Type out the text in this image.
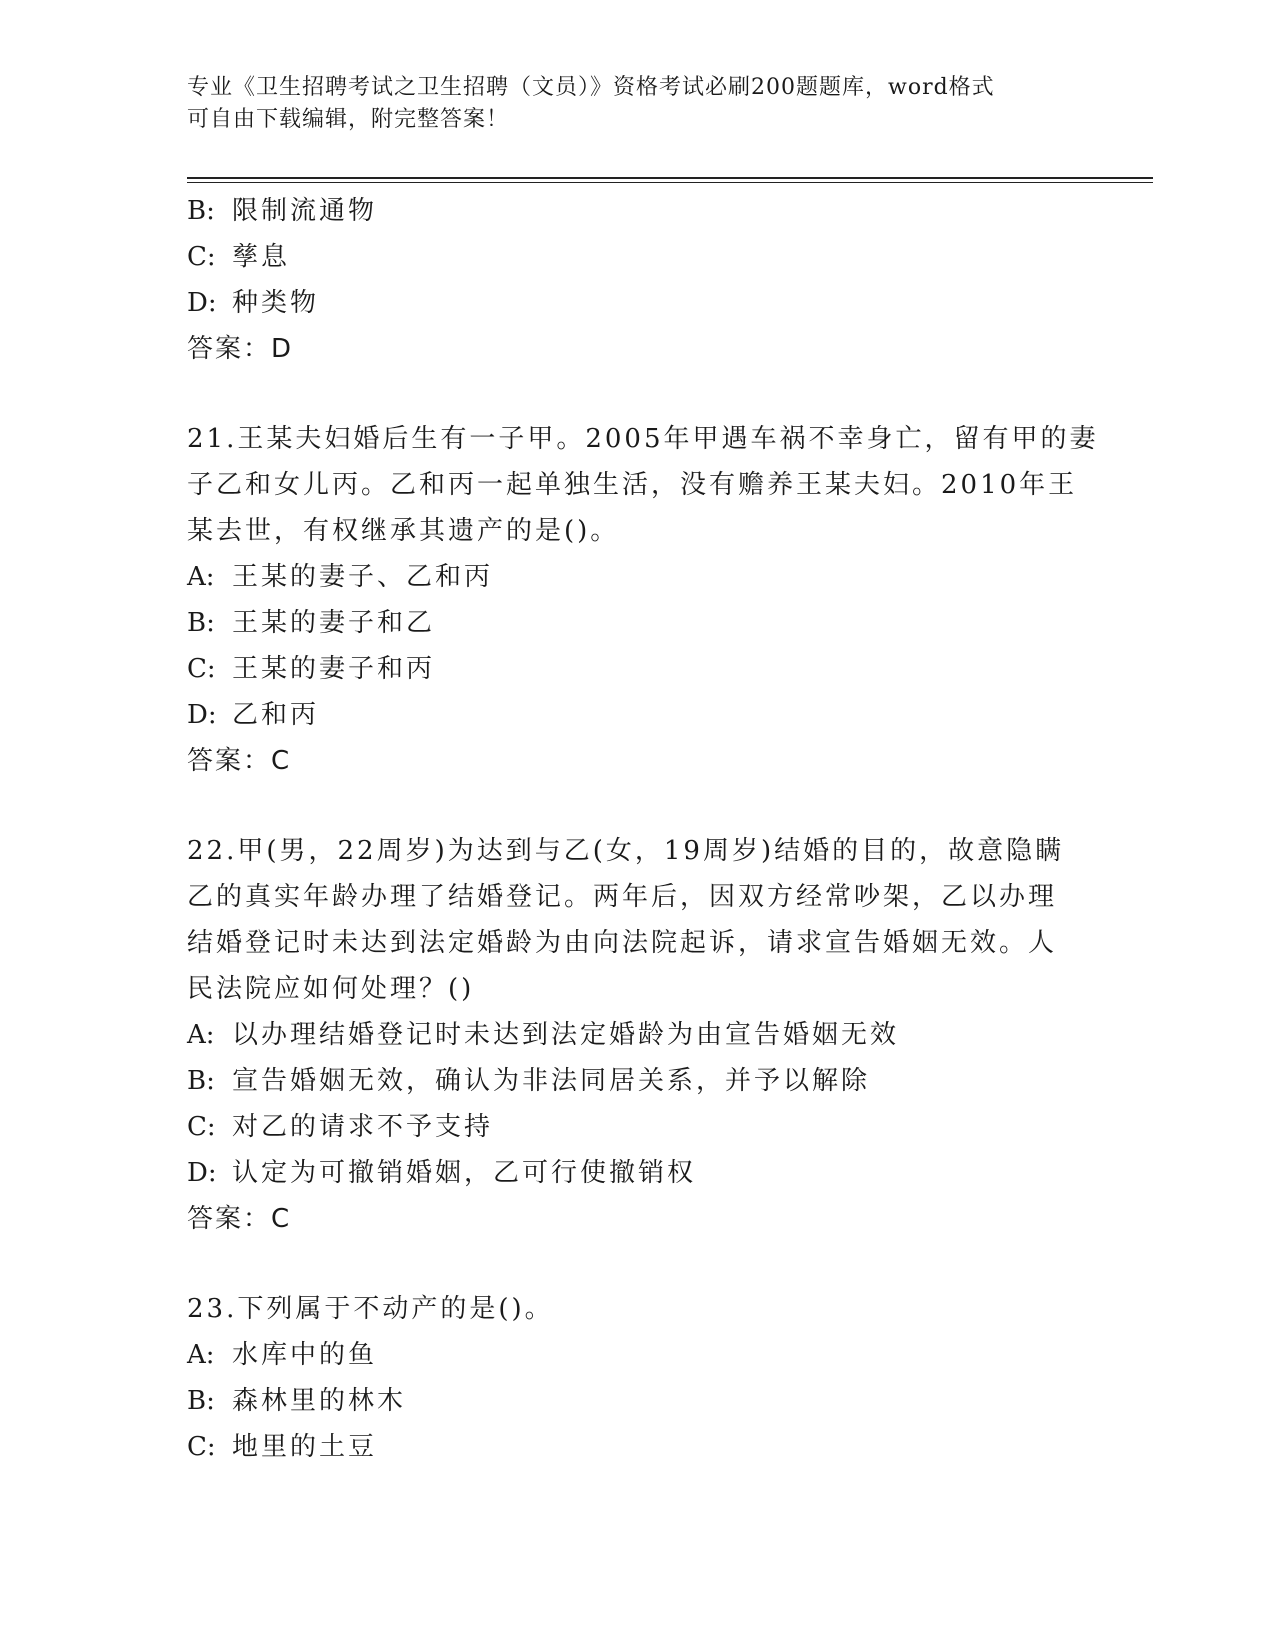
专业《卫生招聘考试之卫生招聘（文员）》资格考试必刷200题题库，word格式
可自由下载编辑，附完整答案！
B: 限制流通物
C: 孳息
D: 种类物
答案：D
21.王某夫妇婚后生有一子甲。2005年甲遇车祸不幸身亡，留有甲的妻
子乙和女儿丙。乙和丙一起单独生活，没有赡养王某夫妇。2010年王
某去世，有权继承其遗产的是()。
A: 王某的妻子、乙和丙
B: 王某的妻子和乙
C: 王某的妻子和丙
D: 乙和丙
答案：C
22.甲(男，22周岁)为达到与乙(女，19周岁)结婚的目的，故意隐瞒
乙的真实年龄办理了结婚登记。两年后，因双方经常吵架，乙以办理
结婚登记时未达到法定婚龄为由向法院起诉，请求宣告婚姻无效。人
民法院应如何处理？()
A: 以办理结婚登记时未达到法定婚龄为由宣告婚姻无效
B: 宣告婚姻无效，确认为非法同居关系，并予以解除
C: 对乙的请求不予支持
D: 认定为可撤销婚姻，乙可行使撤销权
答案：C
23.下列属于不动产的是()。
A: 水库中的鱼
B: 森林里的林木
C: 地里的土豆
